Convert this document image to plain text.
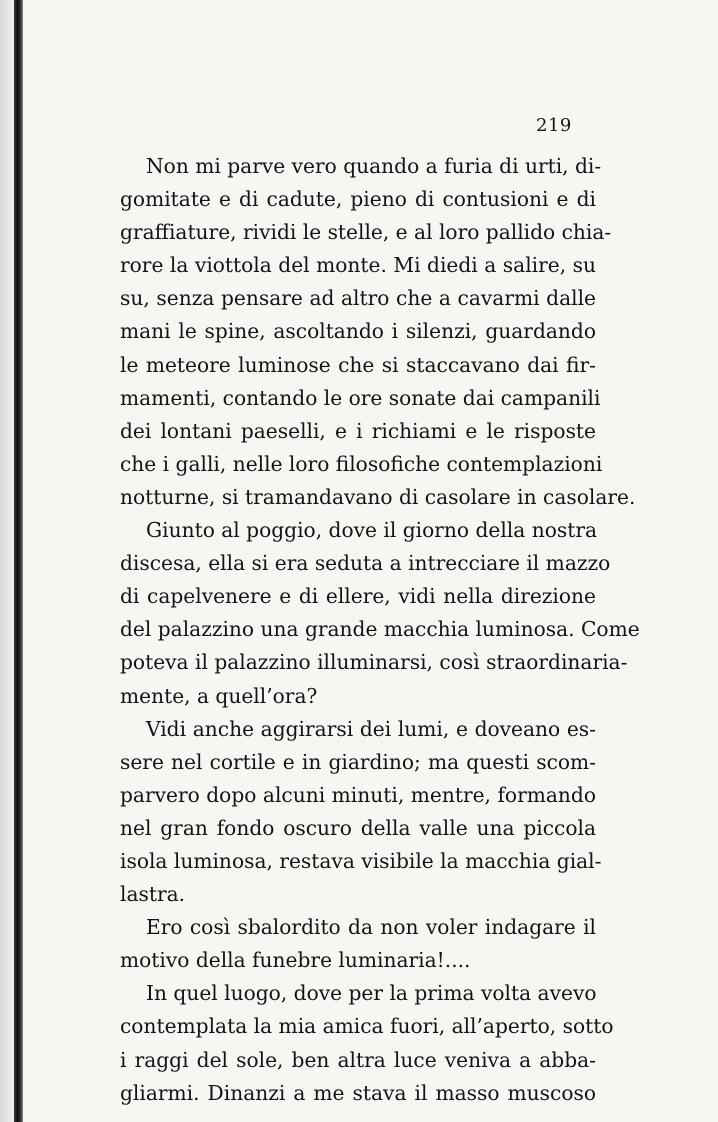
219
Non mi parve vero quando a furia di urti, di-
gomitate e di cadute, pieno di contusioni e di
graffiature, rividi le stelle, e al loro pallido chia-
rore la viottola del monte. Mi diedi a salire, su
su, senza pensare ad altro che a cavarmi dalle
mani le spine, ascoltando i silenzi, guardando
le meteore luminose che si staccavano dai fir-
mamenti, contando le ore sonate dai campanili
dei lontani paeselli, e i richiami e le risposte
che i galli, nelle loro filosofiche contemplazioni
notturne, si tramandavano di casolare in casolare.
Giunto al poggio, dove il giorno della nostra
discesa, ella si era seduta a intrecciare il mazzo
di capelvenere e di ellere, vidi nella direzione
del palazzino una grande macchia luminosa. Come
poteva il palazzino illuminarsi, così straordinaria-
mente, a quell’ora?
Vidi anche aggirarsi dei lumi, e doveano es-
sere nel cortile e in giardino; ma questi scom-
parvero dopo alcuni minuti, mentre, formando
nel gran fondo oscuro della valle una piccola
isola luminosa, restava visibile la macchia gial-
lastra.
Ero così sbalordito da non voler indagare il
motivo della funebre luminaria!....
In quel luogo, dove per la prima volta avevo
contemplata la mia amica fuori, all’aperto, sotto
i raggi del sole, ben altra luce veniva a abba-
gliarmi. Dinanzi a me stava il masso muscoso
